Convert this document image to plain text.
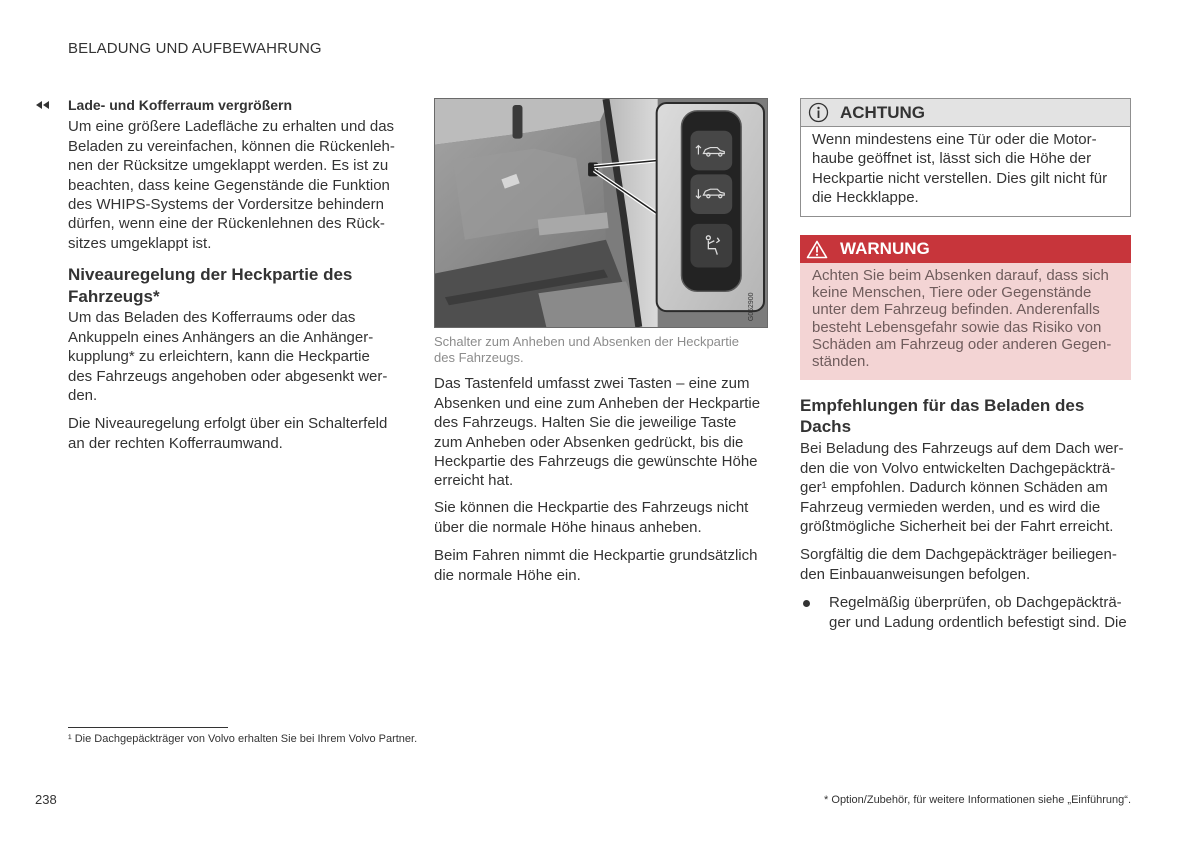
BELADUNG UND AUFBEWAHRUNG
Lade- und Kofferraum vergrößern
Um eine größere Ladefläche zu erhalten und das
Beladen zu vereinfachen, können die Rückenleh-
nen der Rücksitze umgeklappt werden. Es ist zu
beachten, dass keine Gegenstände die Funktion
des WHIPS-Systems der Vordersitze behindern
dürfen, wenn eine der Rückenlehnen des Rück-
sitzes umgeklappt ist.
Niveauregelung der Heckpartie des
Fahrzeugs*
Um das Beladen des Kofferraums oder das
Ankuppeln eines Anhängers an die Anhänger-
kupplung* zu erleichtern, kann die Heckpartie
des Fahrzeugs angehoben oder abgesenkt wer-
den.
Die Niveauregelung erfolgt über ein Schalterfeld
an der rechten Kofferraumwand.
G062900
Schalter zum Anheben und Absenken der Heckpartie
des Fahrzeugs.
Das Tastenfeld umfasst zwei Tasten – eine zum
Absenken und eine zum Anheben der Heckpartie
des Fahrzeugs. Halten Sie die jeweilige Taste
zum Anheben oder Absenken gedrückt, bis die
Heckpartie des Fahrzeugs die gewünschte Höhe
erreicht hat.
Sie können die Heckpartie des Fahrzeugs nicht
über die normale Höhe hinaus anheben.
Beim Fahren nimmt die Heckpartie grundsätzlich
die normale Höhe ein.
ACHTUNG
Wenn mindestens eine Tür oder die Motor-
haube geöffnet ist, lässt sich die Höhe der
Heckpartie nicht verstellen. Dies gilt nicht für
die Heckklappe.
WARNUNG
Achten Sie beim Absenken darauf, dass sich
keine Menschen, Tiere oder Gegenstände
unter dem Fahrzeug befinden. Anderenfalls
besteht Lebensgefahr sowie das Risiko von
Schäden am Fahrzeug oder anderen Gegen-
ständen.
Empfehlungen für das Beladen des
Dachs
Bei Beladung des Fahrzeugs auf dem Dach wer-
den die von Volvo entwickelten Dachgepäckträ-
ger¹ empfohlen. Dadurch können Schäden am
Fahrzeug vermieden werden, und es wird die
größtmögliche Sicherheit bei der Fahrt erreicht.
Sorgfältig die dem Dachgepäckträger beiliegen-
den Einbauanweisungen befolgen.
Regelmäßig überprüfen, ob Dachgepäckträ-
ger und Ladung ordentlich befestigt sind. Die
¹ Die Dachgepäckträger von Volvo erhalten Sie bei Ihrem Volvo Partner.
238	* Option/Zubehör, für weitere Informationen siehe „Einführung“.
